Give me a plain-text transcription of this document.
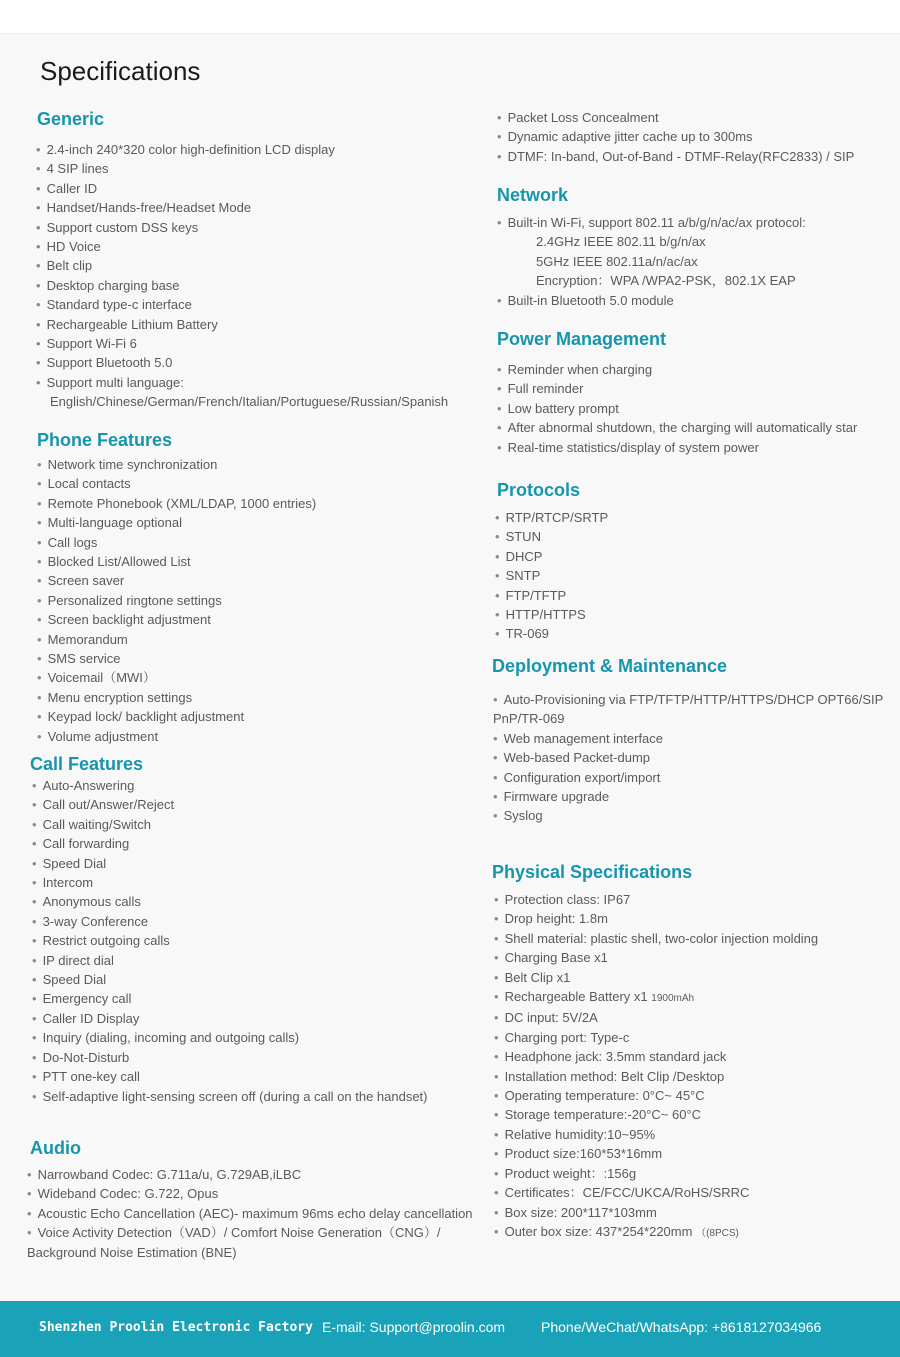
Specifications
Generic
• 2.4-inch 240*320 color high-definition LCD display
• 4 SIP lines
• Caller ID
• Handset/Hands-free/Headset Mode
• Support custom DSS keys
• HD Voice
• Belt clip
• Desktop charging base
• Standard type-c interface
• Rechargeable Lithium Battery
• Support Wi-Fi 6
• Support Bluetooth 5.0
• Support multi language:
English/Chinese/German/French/Italian/Portuguese/Russian/Spanish
Phone Features
• Network time synchronization
• Local contacts
• Remote Phonebook (XML/LDAP, 1000 entries)
• Multi-language optional
• Call logs
• Blocked List/Allowed List
• Screen saver
• Personalized ringtone settings
• Screen backlight adjustment
• Memorandum
• SMS service
• Voicemail（MWI）
• Menu encryption settings
• Keypad lock/ backlight adjustment
• Volume adjustment
Call Features
• Auto-Answering
• Call out/Answer/Reject
• Call waiting/Switch
• Call forwarding
• Speed Dial
• Intercom
• Anonymous calls
• 3-way Conference
• Restrict outgoing calls
• IP direct dial
• Speed Dial
• Emergency call
• Caller ID Display
• Inquiry (dialing, incoming and outgoing calls)
• Do-Not-Disturb
• PTT one-key call
• Self-adaptive light-sensing screen off (during a call on the handset)
Audio
• Narrowband Codec: G.711a/u, G.729AB,iLBC
• Wideband Codec: G.722, Opus
• Acoustic Echo Cancellation (AEC)- maximum 96ms echo delay cancellation
• Voice Activity Detection（VAD）/ Comfort Noise Generation（CNG）/
Background Noise Estimation (BNE)
• Packet Loss Concealment
• Dynamic adaptive jitter cache up to 300ms
• DTMF: In-band, Out-of-Band - DTMF-Relay(RFC2833) / SIP
Network
• Built-in Wi-Fi, support 802.11 a/b/g/n/ac/ax protocol:
2.4GHz IEEE 802.11 b/g/n/ax
5GHz IEEE 802.11a/n/ac/ax
Encryption：WPA /WPA2-PSK，802.1X EAP
• Built-in Bluetooth 5.0 module
Power Management
• Reminder when charging
• Full reminder
• Low battery prompt
• After abnormal shutdown, the charging will automatically star
• Real-time statistics/display of system power
Protocols
• RTP/RTCP/SRTP
• STUN
• DHCP
• SNTP
• FTP/TFTP
• HTTP/HTTPS
• TR-069
Deployment & Maintenance
• Auto-Provisioning via FTP/TFTP/HTTP/HTTPS/DHCP OPT66/SIP
PnP/TR-069
• Web management interface
• Web-based Packet-dump
• Configuration export/import
• Firmware upgrade
• Syslog
Physical Specifications
• Protection class: IP67
• Drop height: 1.8m
• Shell material: plastic shell, two-color injection molding
• Charging Base x1
• Belt Clip x1
• Rechargeable Battery x1 1900mAh
• DC input: 5V/2A
• Charging port: Type-c
• Headphone jack: 3.5mm standard jack
• Installation method: Belt Clip /Desktop
• Operating temperature: 0°C~ 45°C
• Storage temperature:-20°C~ 60°C
• Relative humidity:10~95%
• Product size:160*53*16mm
• Product weight：:156g
• Certificates：CE/FCC/UKCA/RoHS/SRRC
• Box size: 200*117*103mm
• Outer box size: 437*254*220mm （(8PCS)
Shenzhen Proolin Electronic Factory E-mail: Support@proolin.com	Phone/WeChat/WhatsApp: +8618127034966
